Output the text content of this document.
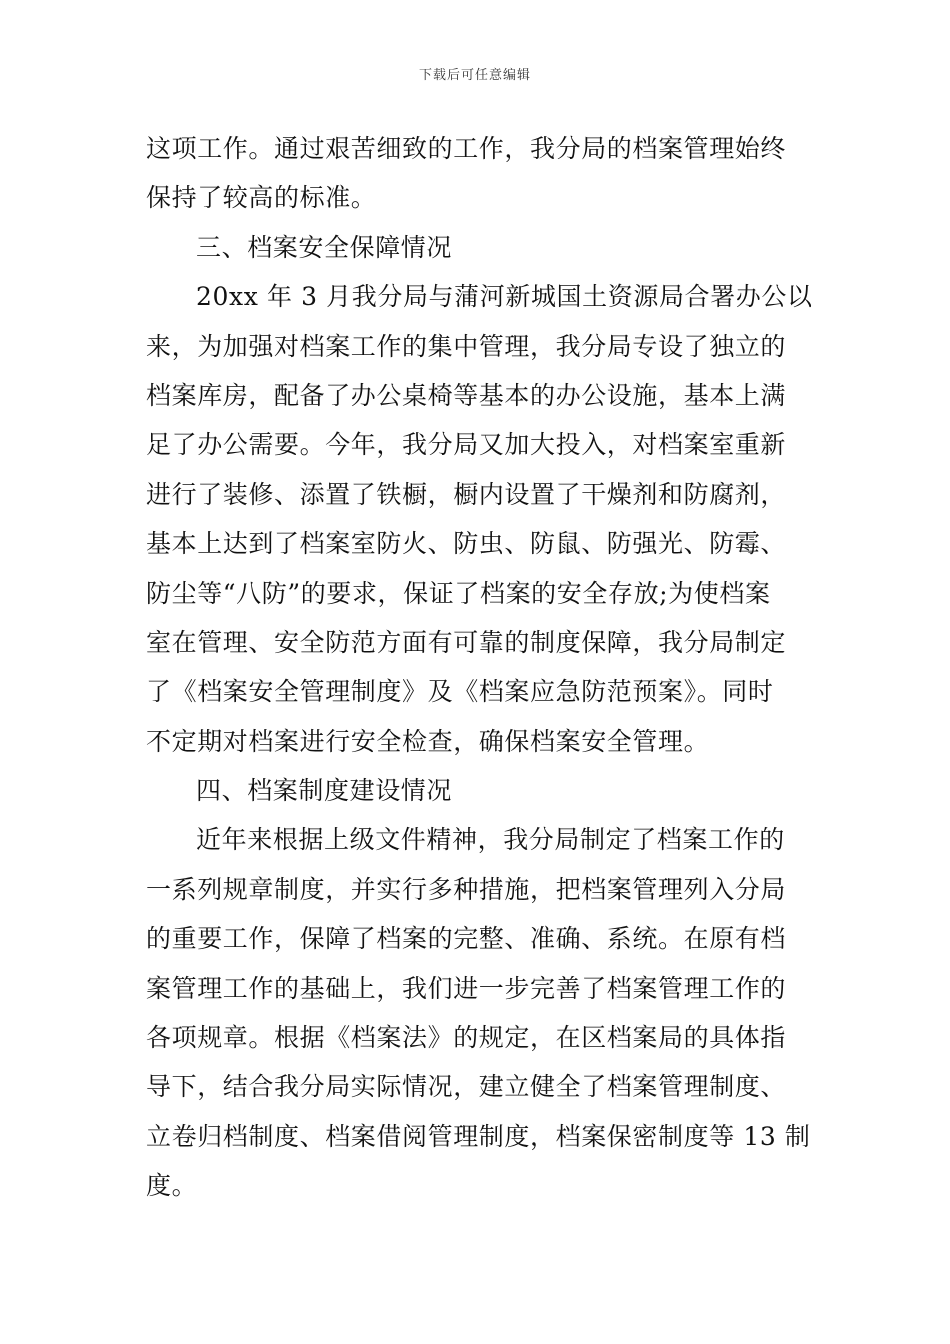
下载后可任意编辑
这项工作。通过艰苦细致的工作，我分局的档案管理始终
保持了较高的标准。
三、档案安全保障情况
20xx 年 3 月我分局与蒲河新城国土资源局合署办公以
来，为加强对档案工作的集中管理，我分局专设了独立的
档案库房，配备了办公桌椅等基本的办公设施，基本上满
足了办公需要。今年，我分局又加大投入，对档案室重新
进行了装修、添置了铁橱，橱内设置了干燥剂和防腐剂，
基本上达到了档案室防火、防虫、防鼠、防强光、防霉、
防尘等“八防”的要求，保证了档案的安全存放;为使档案
室在管理、安全防范方面有可靠的制度保障，我分局制定
了《档案安全管理制度》及《档案应急防范预案》。同时
不定期对档案进行安全检查，确保档案安全管理。
四、档案制度建设情况
近年来根据上级文件精神，我分局制定了档案工作的
一系列规章制度，并实行多种措施，把档案管理列入分局
的重要工作，保障了档案的完整、准确、系统。在原有档
案管理工作的基础上，我们进一步完善了档案管理工作的
各项规章。根据《档案法》的规定，在区档案局的具体指
导下，结合我分局实际情况，建立健全了档案管理制度、
立卷归档制度、档案借阅管理制度，档案保密制度等 13 制
度。
